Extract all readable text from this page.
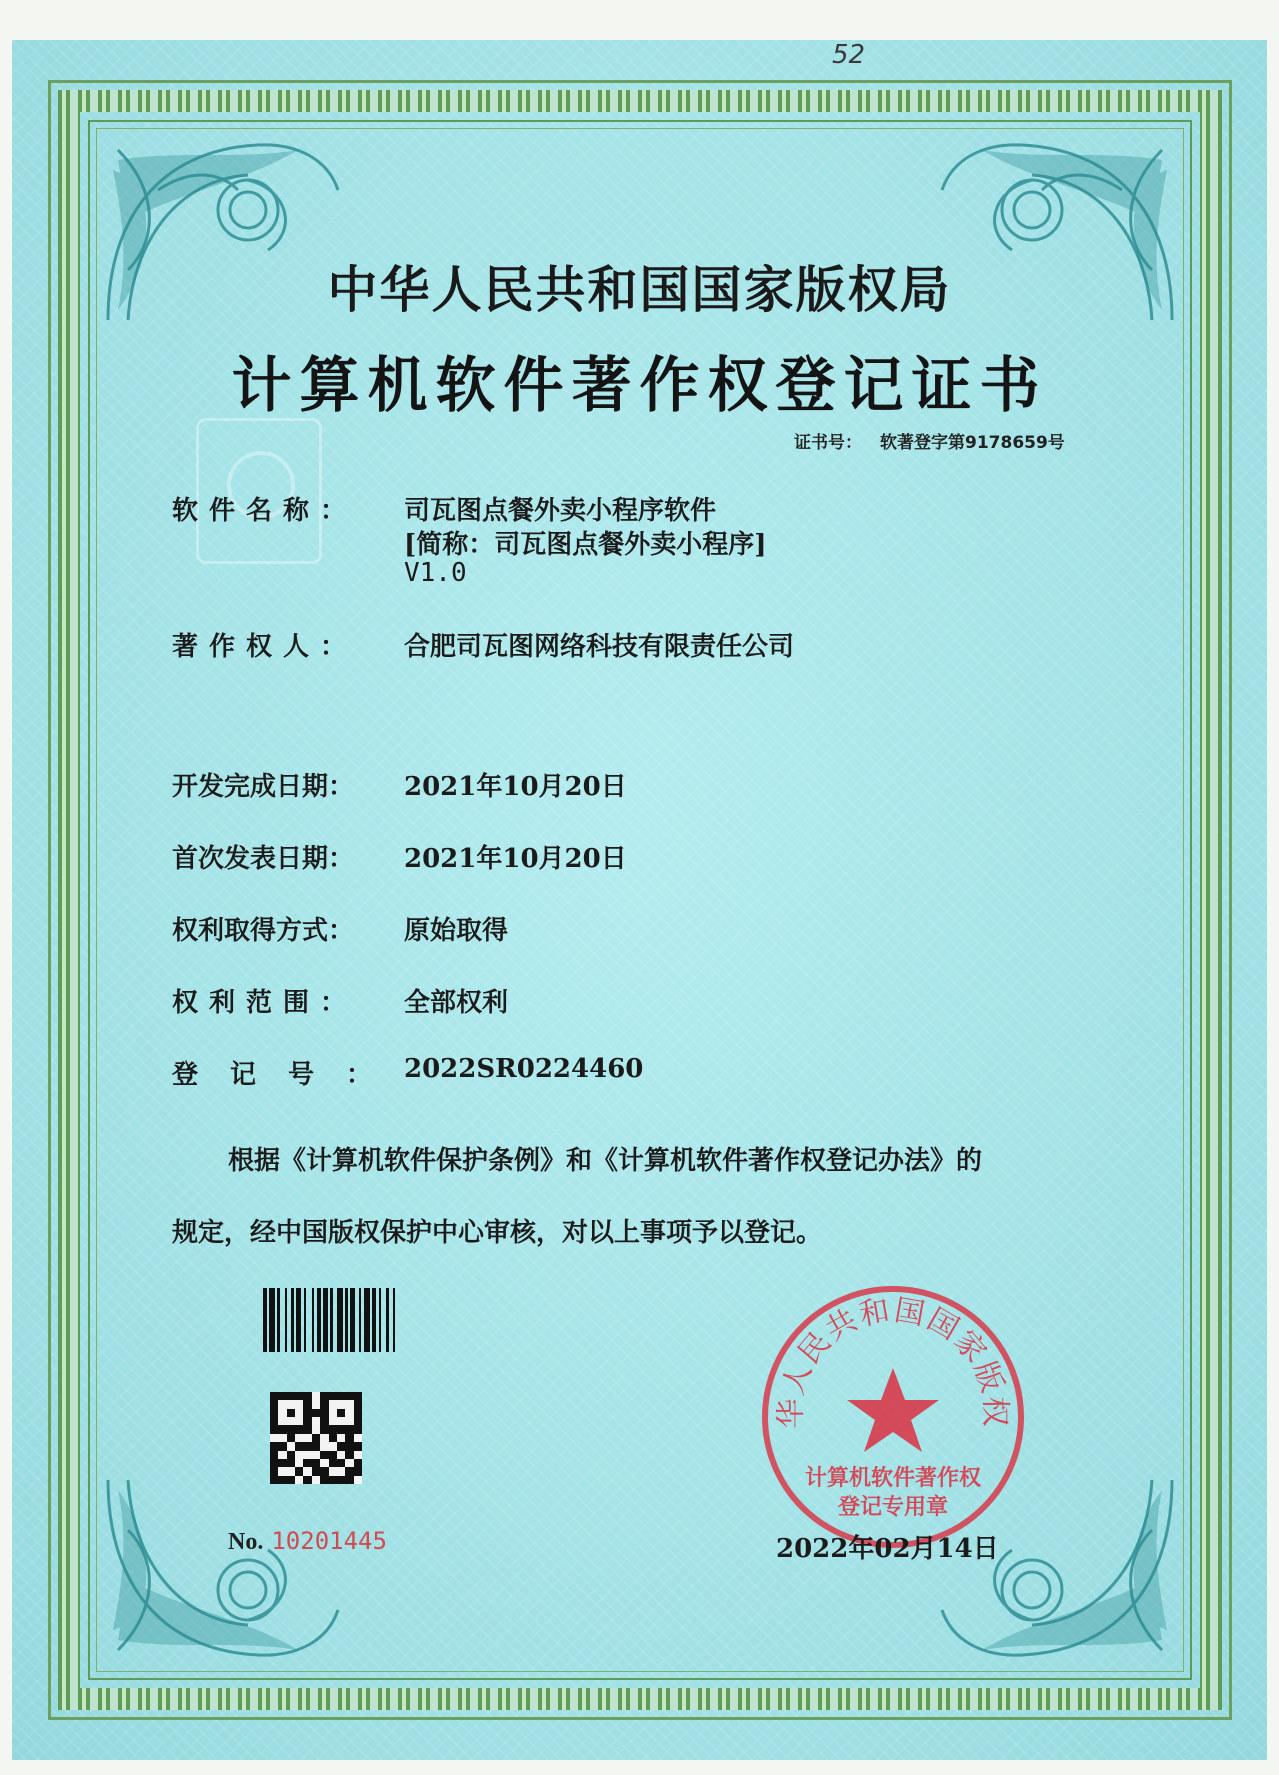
52
中华人民共和国国家版权局
计算机软件著作权登记证书
证书号： 软著登字第9178659号
软件名称： 司瓦图点餐外卖小程序软件
[简称：司瓦图点餐外卖小程序]
V1.0
著作权人： 合肥司瓦图网络科技有限责任公司
开发完成日期： 2021年10月20日
首次发表日期： 2021年10月20日
权利取得方式： 原始取得
权利范围： 全部权利
登记号： 2022SR0224460
根据《计算机软件保护条例》和《计算机软件著作权登记办法》的
规定，经中国版权保护中心审核，对以上事项予以登记。
No. 10201445
华人民共和国国家版权
计算机软件著作权
登记专用章
2022年02月14日
